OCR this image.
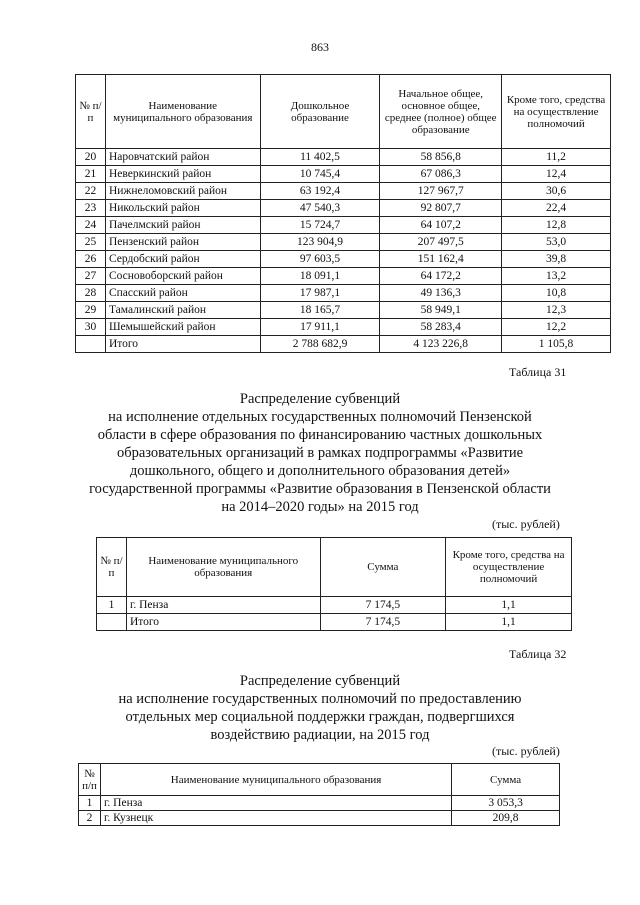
863
№ п/п	Наименование муниципального образования	Дошкольное образование	Начальное общее, основное общее, среднее (полное) общее образование	Кроме того, средства на осуществление полномочий
20	Наровчатский район	11 402,5	58 856,8	11,2
21	Неверкинский район	10 745,4	67 086,3	12,4
22	Нижнеломовский район	63 192,4	127 967,7	30,6
23	Никольский район	47 540,3	92 807,7	22,4
24	Пачелмский район	15 724,7	64 107,2	12,8
25	Пензенский район	123 904,9	207 497,5	53,0
26	Сердобский район	97 603,5	151 162,4	39,8
27	Сосновоборский район	18 091,1	64 172,2	13,2
28	Спасский район	17 987,1	49 136,3	10,8
29	Тамалинский район	18 165,7	58 949,1	12,3
30	Шемышейский район	17 911,1	58 283,4	12,2
	Итого	2 788 682,9	4 123 226,8	1 105,8
Таблица 31
Распределение субвенций
на исполнение отдельных государственных полномочий Пензенской
области в сфере образования по финансированию частных дошкольных
образовательных организаций в рамках подпрограммы «Развитие
дошкольного, общего и дополнительного образования детей»
государственной программы «Развитие образования в Пензенской области
на 2014–2020 годы» на 2015 год
(тыс. рублей)
№ п/п	Наименование муниципального образования	Сумма	Кроме того, средства на осуществление полномочий
1	г. Пенза	7 174,5	1,1
	Итого	7 174,5	1,1
Таблица 32
Распределение субвенций
на исполнение государственных полномочий по предоставлению
отдельных мер социальной поддержки граждан, подвергшихся
воздействию радиации, на 2015 год
(тыс. рублей)
№ п/п	Наименование муниципального образования	Сумма
1	г. Пенза	3 053,3
2	г. Кузнецк	209,8
